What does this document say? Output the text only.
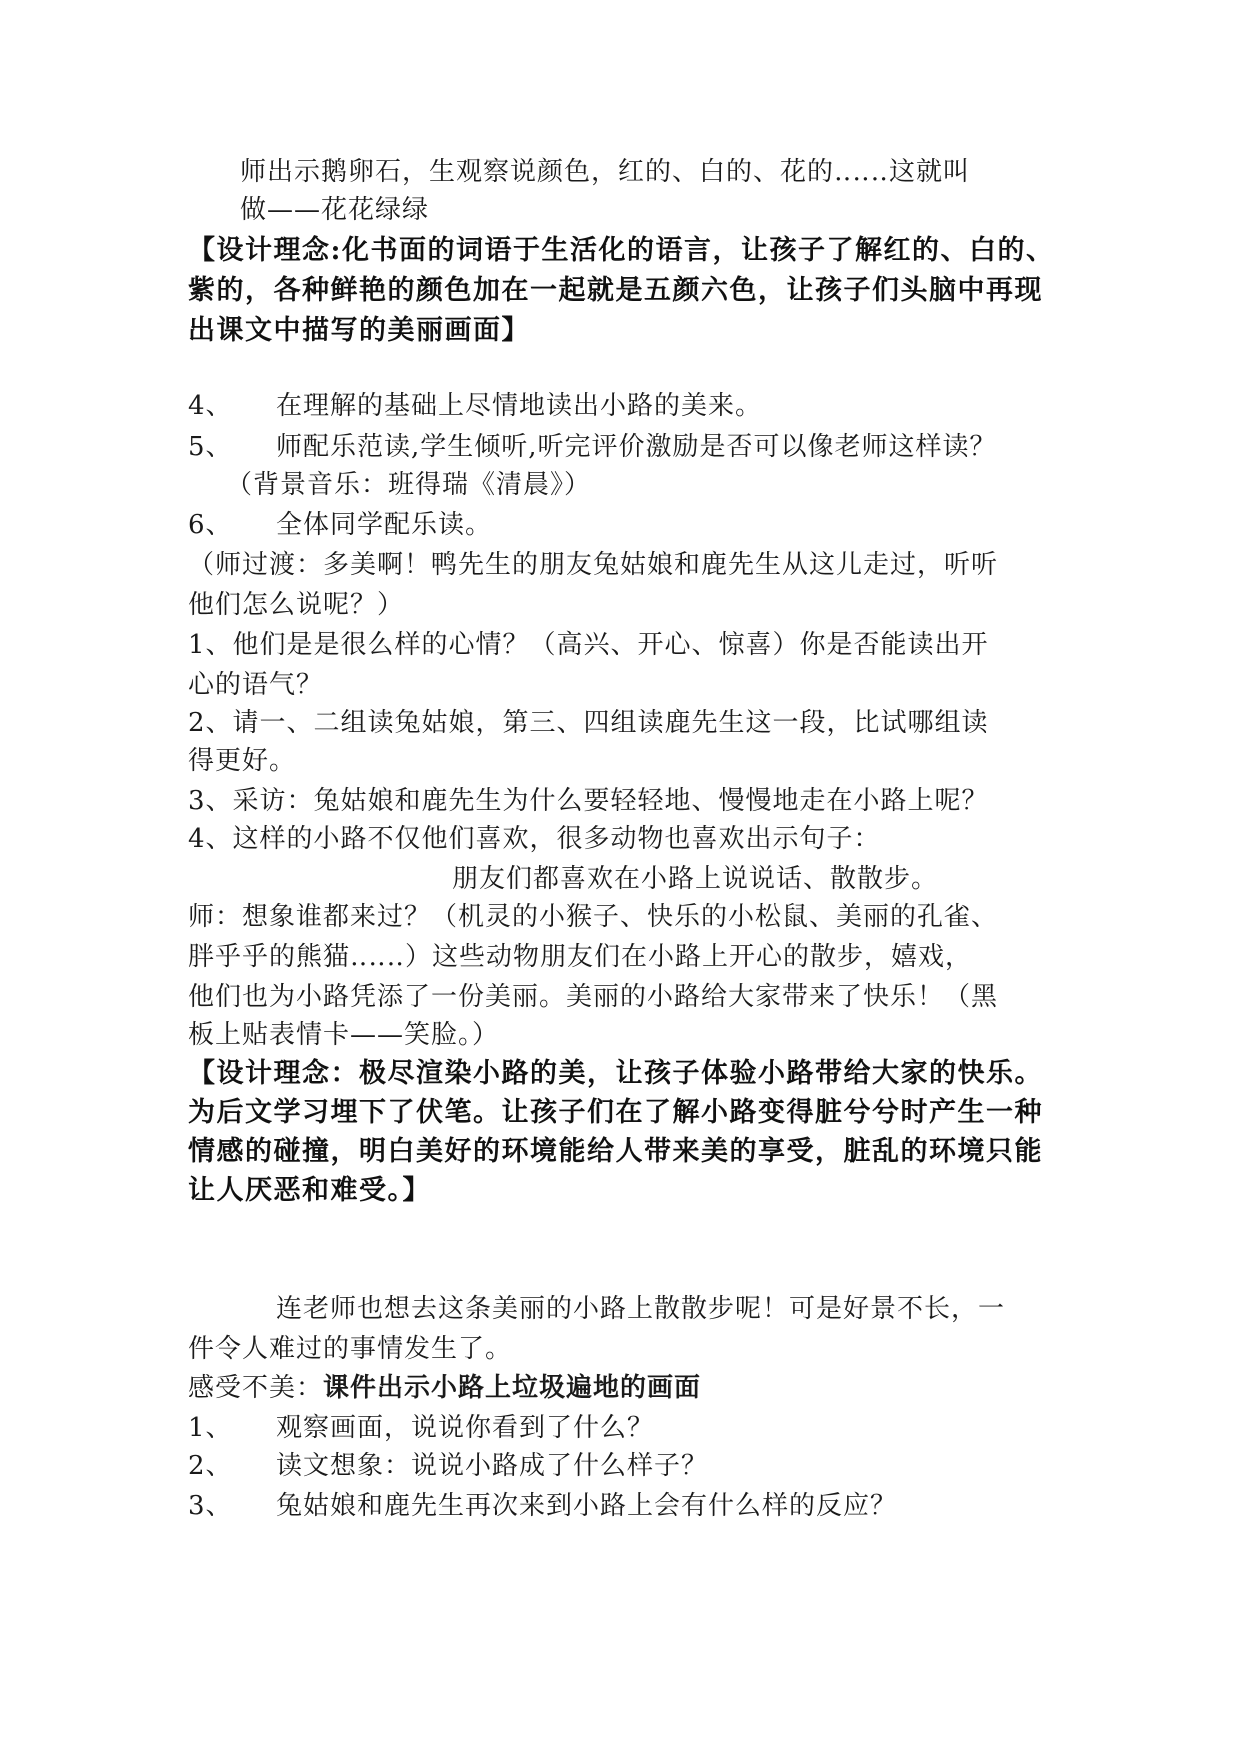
师出示鹅卵石，生观察说颜色，红的、白的、花的‥‥‥这就叫
做——花花绿绿
【设计理念:化书面的词语于生活化的语言，让孩子了解红的、白的、
紫的，各种鲜艳的颜色加在一起就是五颜六色，让孩子们头脑中再现
出课文中描写的美丽画面】
4、 在理解的基础上尽情地读出小路的美来。
5、 师配乐范读,学生倾听,听完评价激励是否可以像老师这样读？
（背景音乐：班得瑞《清晨》）
6、 全体同学配乐读。
（师过渡：多美啊！鸭先生的朋友兔姑娘和鹿先生从这儿走过，听听
他们怎么说呢？）
1、他们是是很么样的心情？（高兴、开心、惊喜）你是否能读出开
心的语气？
2、请一、二组读兔姑娘，第三、四组读鹿先生这一段，比试哪组读
得更好。
3、采访：兔姑娘和鹿先生为什么要轻轻地、慢慢地走在小路上呢？
4、这样的小路不仅他们喜欢，很多动物也喜欢出示句子：
朋友们都喜欢在小路上说说话、散散步。
师：想象谁都来过？（机灵的小猴子、快乐的小松鼠、美丽的孔雀、
胖乎乎的熊猫‥‥‥）这些动物朋友们在小路上开心的散步，嬉戏，
他们也为小路凭添了一份美丽。美丽的小路给大家带来了快乐！（黑
板上贴表情卡——笑脸。）
【设计理念：极尽渲染小路的美，让孩子体验小路带给大家的快乐。
为后文学习埋下了伏笔。让孩子们在了解小路变得脏兮兮时产生一种
情感的碰撞，明白美好的环境能给人带来美的享受，脏乱的环境只能
让人厌恶和难受。】
连老师也想去这条美丽的小路上散散步呢！可是好景不长，一
件令人难过的事情发生了。
感受不美：课件出示小路上垃圾遍地的画面
1、 观察画面，说说你看到了什么？
2、 读文想象：说说小路成了什么样子？
3、 兔姑娘和鹿先生再次来到小路上会有什么样的反应？
